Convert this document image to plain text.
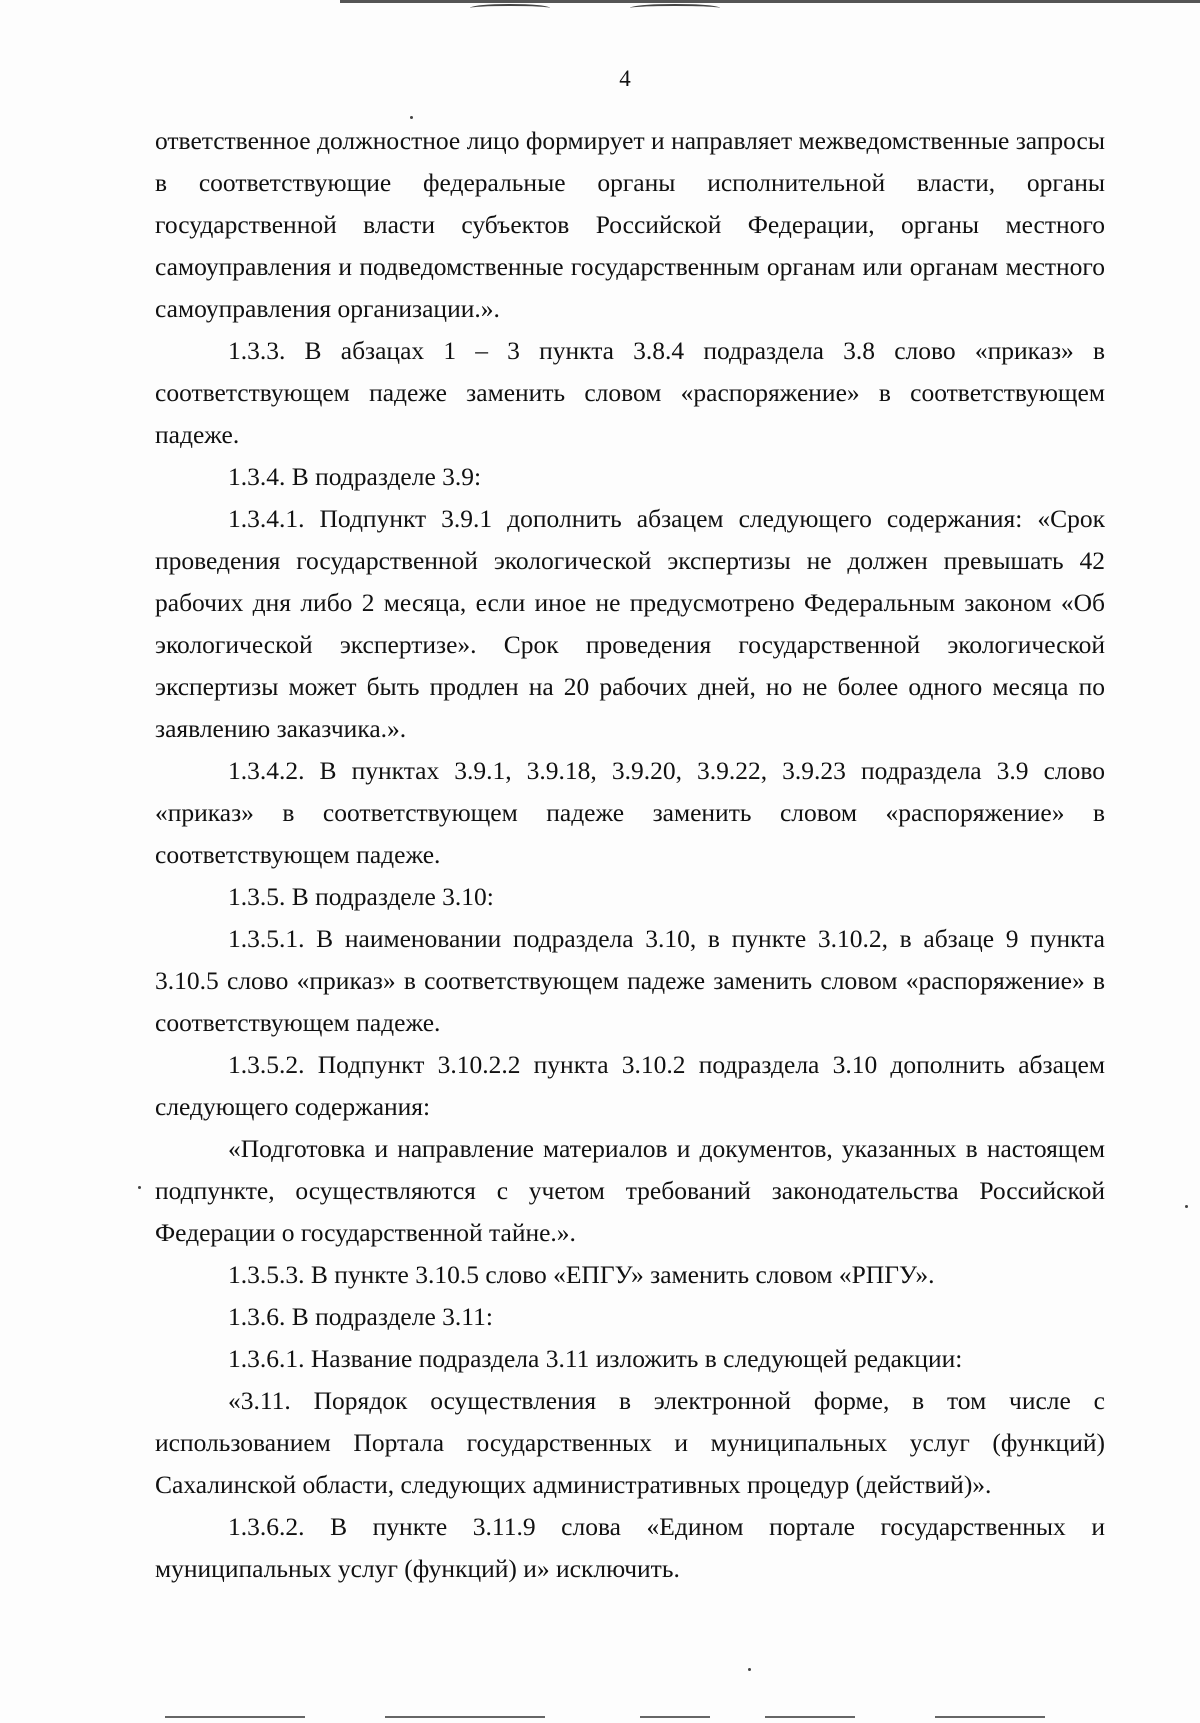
4

ответственное должностное лицо формирует и направляет межведомственные запросы в соответствующие федеральные органы исполнительной власти, органы государственной власти субъектов Российской Федерации, органы местного самоуправления и подведомственные государственным органам или органам местного самоуправления организации.».

1.3.3. В абзацах 1 – 3 пункта 3.8.4 подраздела 3.8 слово «приказ» в соответствующем падеже заменить словом «распоряжение» в соответствующем падеже.

1.3.4. В подразделе 3.9:

1.3.4.1. Подпункт 3.9.1 дополнить абзацем следующего содержания: «Срок проведения государственной экологической экспертизы не должен превышать 42 рабочих дня либо 2 месяца, если иное не предусмотрено Федеральным законом «Об экологической экспертизе». Срок проведения государственной экологической экспертизы может быть продлен на 20 рабочих дней, но не более одного месяца по заявлению заказчика.».

1.3.4.2. В пунктах 3.9.1, 3.9.18, 3.9.20, 3.9.22, 3.9.23 подраздела 3.9 слово «приказ» в соответствующем падеже заменить словом «распоряжение» в соответствующем падеже.

1.3.5. В подразделе 3.10:

1.3.5.1. В наименовании подраздела 3.10, в пункте 3.10.2, в абзаце 9 пункта 3.10.5 слово «приказ» в соответствующем падеже заменить словом «распоряжение» в соответствующем падеже.

1.3.5.2. Подпункт 3.10.2.2 пункта 3.10.2 подраздела 3.10 дополнить абзацем следующего содержания:

«Подготовка и направление материалов и документов, указанных в настоящем подпункте, осуществляются с учетом требований законодательства Российской Федерации о государственной тайне.».

1.3.5.3. В пункте 3.10.5 слово «ЕПГУ» заменить словом «РПГУ».

1.3.6. В подразделе 3.11:

1.3.6.1. Название подраздела 3.11 изложить в следующей редакции:

«3.11. Порядок осуществления в электронной форме, в том числе с использованием Портала государственных и муниципальных услуг (функций) Сахалинской области, следующих административных процедур (действий)».

1.3.6.2. В пункте 3.11.9 слова «Едином портале государственных и муниципальных услуг (функций) и» исключить.
